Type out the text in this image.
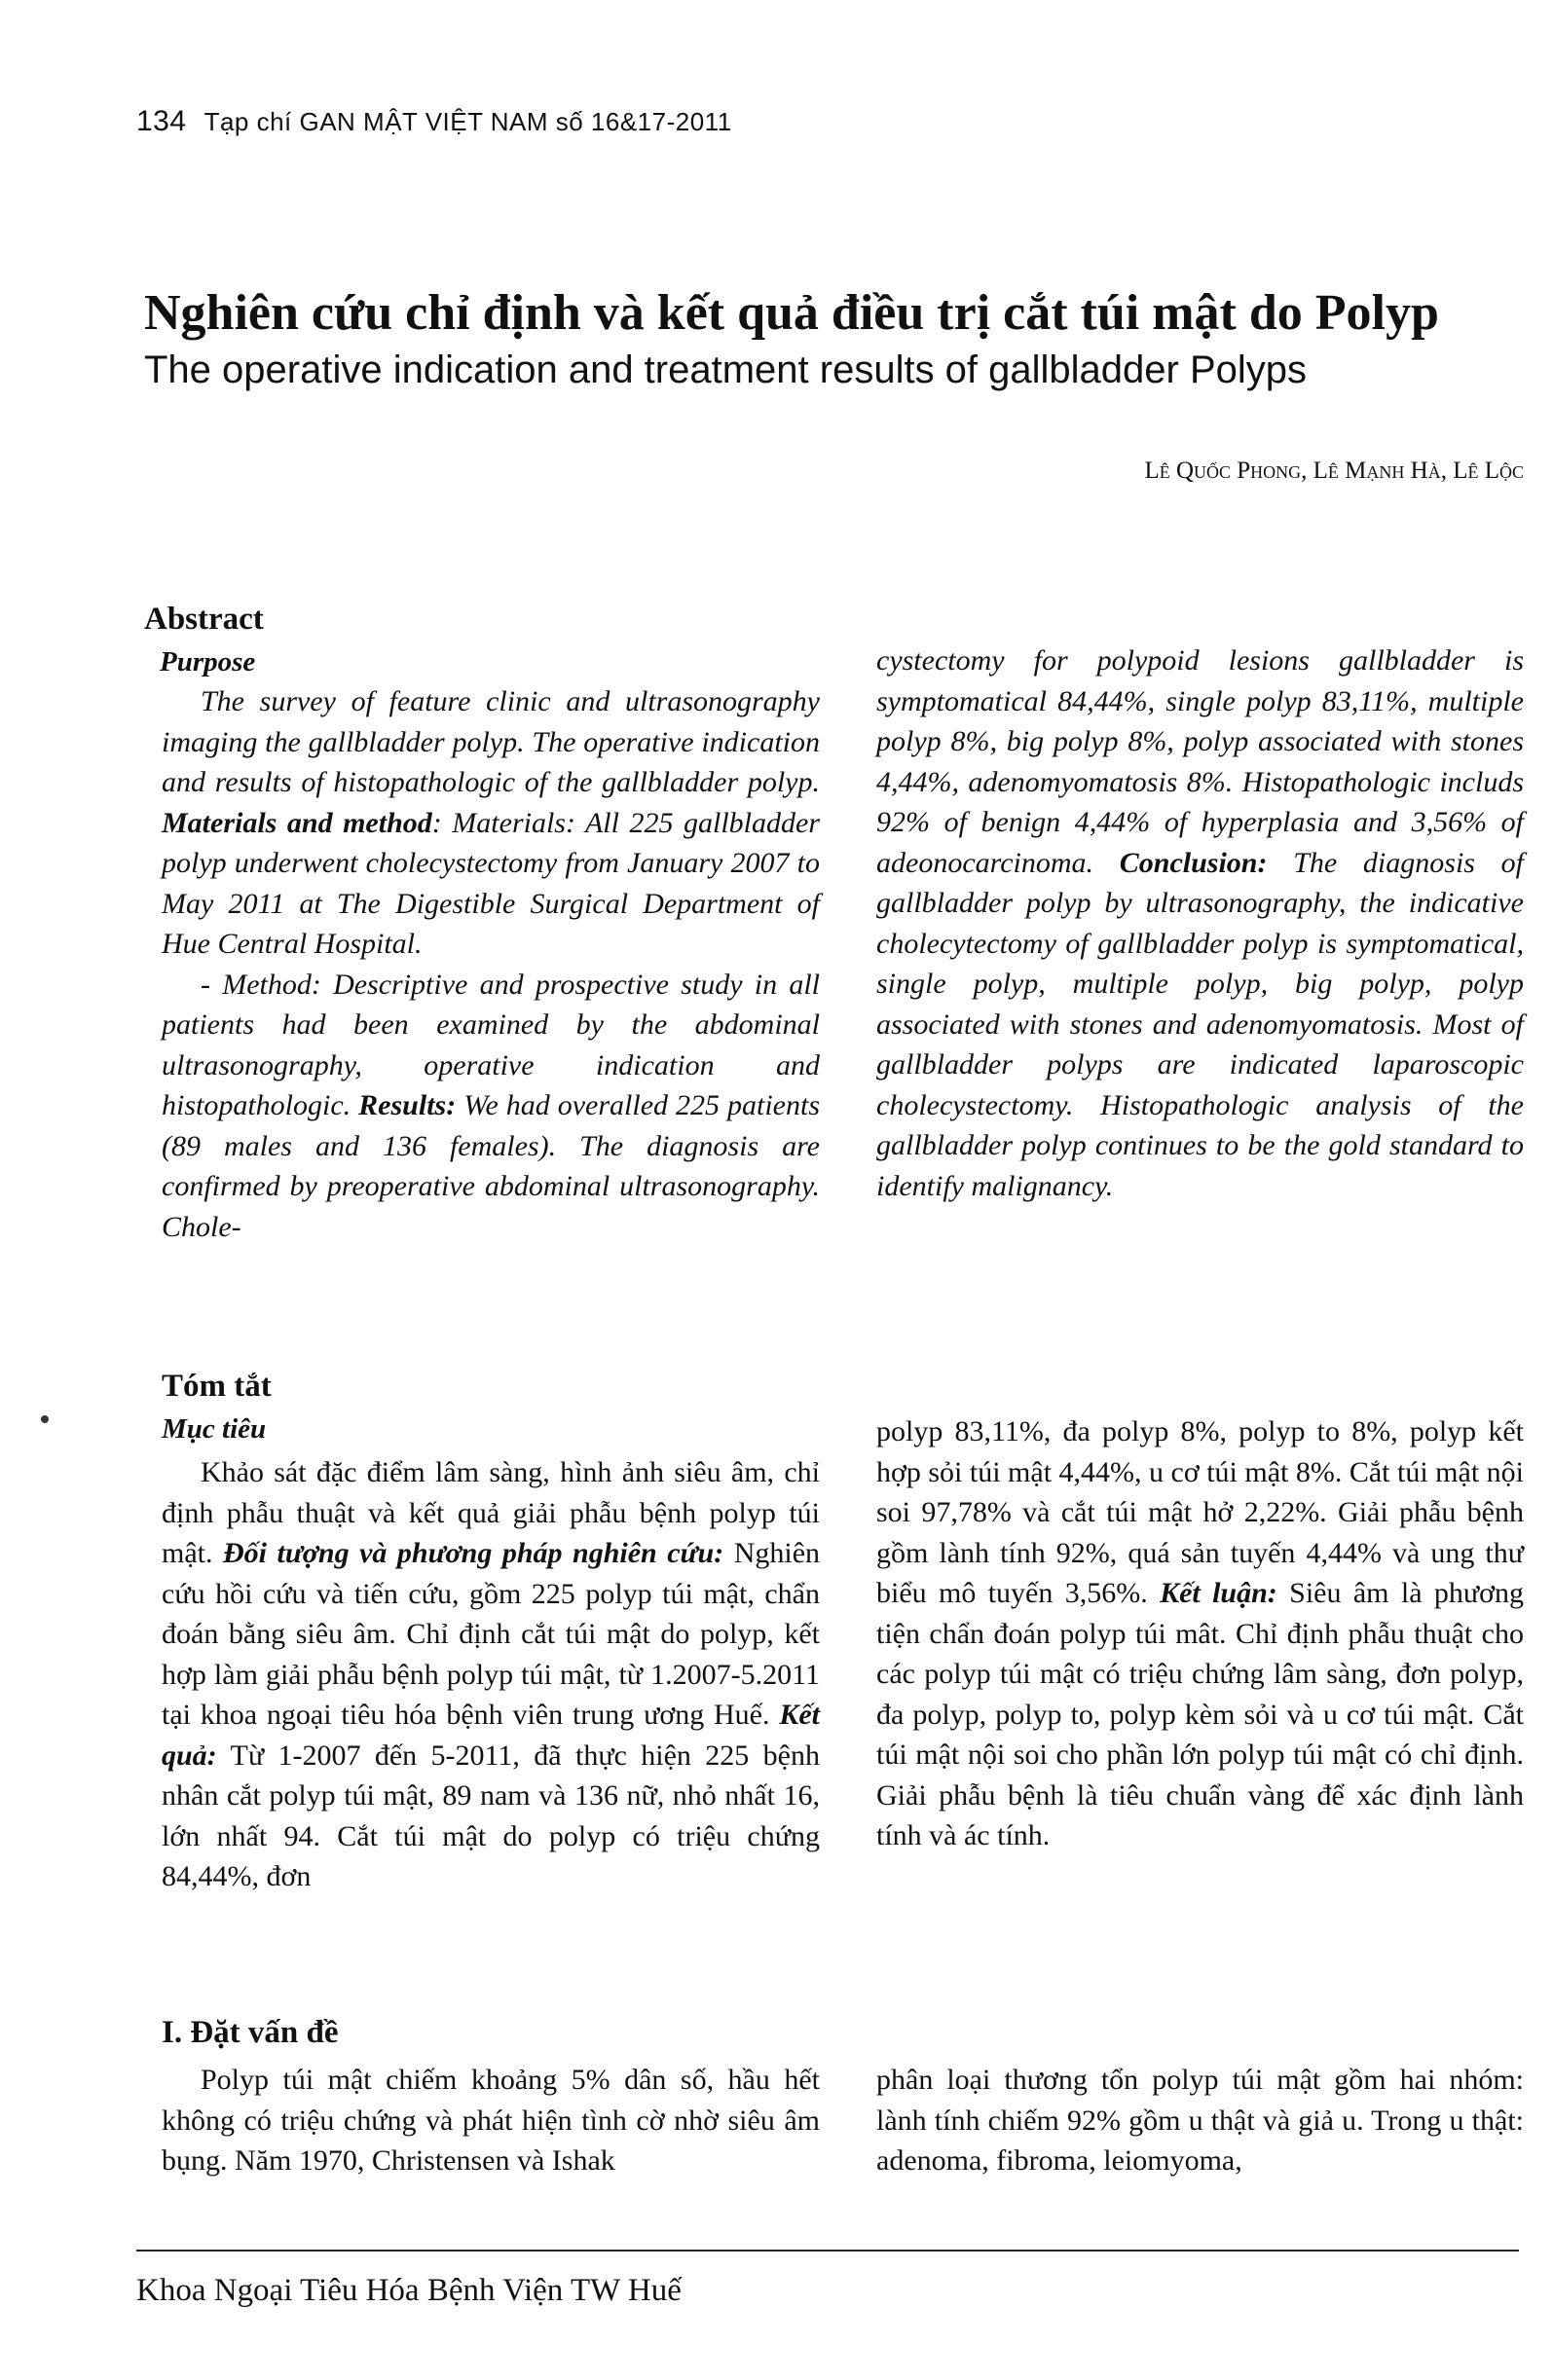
134 Tạp chí GAN MẬT VIỆT NAM số 16&17-2011
Nghiên cứu chỉ định và kết quả điều trị cắt túi mật do Polyp
The operative indication and treatment results of gallbladder Polyps
Lê Quốc Phong, Lê Mạnh Hà, Lê Lộc
Abstract
Purpose

The survey of feature clinic and ultrasonography imaging the gallbladder polyp. The operative indication and results of histopathologic of the gallbladder polyp. Materials and method: Materials: All 225 gallbladder polyp underwent cholecystectomy from January 2007 to May 2011 at The Digestible Surgical Department of Hue Central Hospital.

- Method: Descriptive and prospective study in all patients had been examined by the abdominal ultrasonography, operative indication and histopathologic. Results: We had overalled 225 patients (89 males and 136 females). The diagnosis are confirmed by preoperative abdominal ultrasonography. Chole-

cystectomy for polypoid lesions gallbladder is symptomatical 84,44%, single polyp 83,11%, multiple polyp 8%, big polyp 8%, polyp associated with stones 4,44%, adenomyomatosis 8%. Histopathologic includs 92% of benign 4,44% of hyperplasia and 3,56% of adeonocarcinoma. Conclusion: The diagnosis of gallbladder polyp by ultrasonography, the indicative cholecytectomy of gallbladder polyp is symptomatical, single polyp, multiple polyp, big polyp, polyp associated with stones and adenomyomatosis. Most of gallbladder polyps are indicated laparoscopic cholecystectomy. Histopathologic analysis of the gallbladder polyp continues to be the gold standard to identify malignancy.

Tóm tắt
Mục tiêu

Khảo sát đặc điểm lâm sàng, hình ảnh siêu âm, chỉ định phẫu thuật và kết quả giải phẫu bệnh polyp túi mật. Đối tượng và phương pháp nghiên cứu: Nghiên cứu hồi cứu và tiến cứu, gồm 225 polyp túi mật, chẩn đoán bằng siêu âm. Chỉ định cắt túi mật do polyp, kết hợp làm giải phẫu bệnh polyp túi mật, từ 1.2007-5.2011 tại khoa ngoại tiêu hóa bệnh viên trung ương Huế. Kết quả: Từ 1-2007 đến 5-2011, đã thực hiện 225 bệnh nhân cắt polyp túi mật, 89 nam và 136 nữ, nhỏ nhất 16, lớn nhất 94. Cắt túi mật do polyp có triệu chứng 84,44%, đơn

polyp 83,11%, đa polyp 8%, polyp to 8%, polyp kết hợp sỏi túi mật 4,44%, u cơ túi mật 8%. Cắt túi mật nội soi 97,78% và cắt túi mật hở 2,22%. Giải phẫu bệnh gồm lành tính 92%, quá sản tuyến 4,44% và ung thư biểu mô tuyến 3,56%. Kết luận: Siêu âm là phương tiện chẩn đoán polyp túi mât. Chỉ định phẫu thuật cho các polyp túi mật có triệu chứng lâm sàng, đơn polyp, đa polyp, polyp to, polyp kèm sỏi và u cơ túi mật. Cắt túi mật nội soi cho phần lớn polyp túi mật có chỉ định. Giải phẫu bệnh là tiêu chuẩn vàng để xác định lành tính và ác tính.

I. Đặt vấn đề

Polyp túi mật chiếm khoảng 5% dân số, hầu hết không có triệu chứng và phát hiện tình cờ nhờ siêu âm bụng. Năm 1970, Christensen và Ishak

phân loại thương tổn polyp túi mật gồm hai nhóm: lành tính chiếm 92% gồm u thật và giả u. Trong u thật: adenoma, fibroma, leiomyoma,

Khoa Ngoại Tiêu Hóa Bệnh Viện TW Huế
